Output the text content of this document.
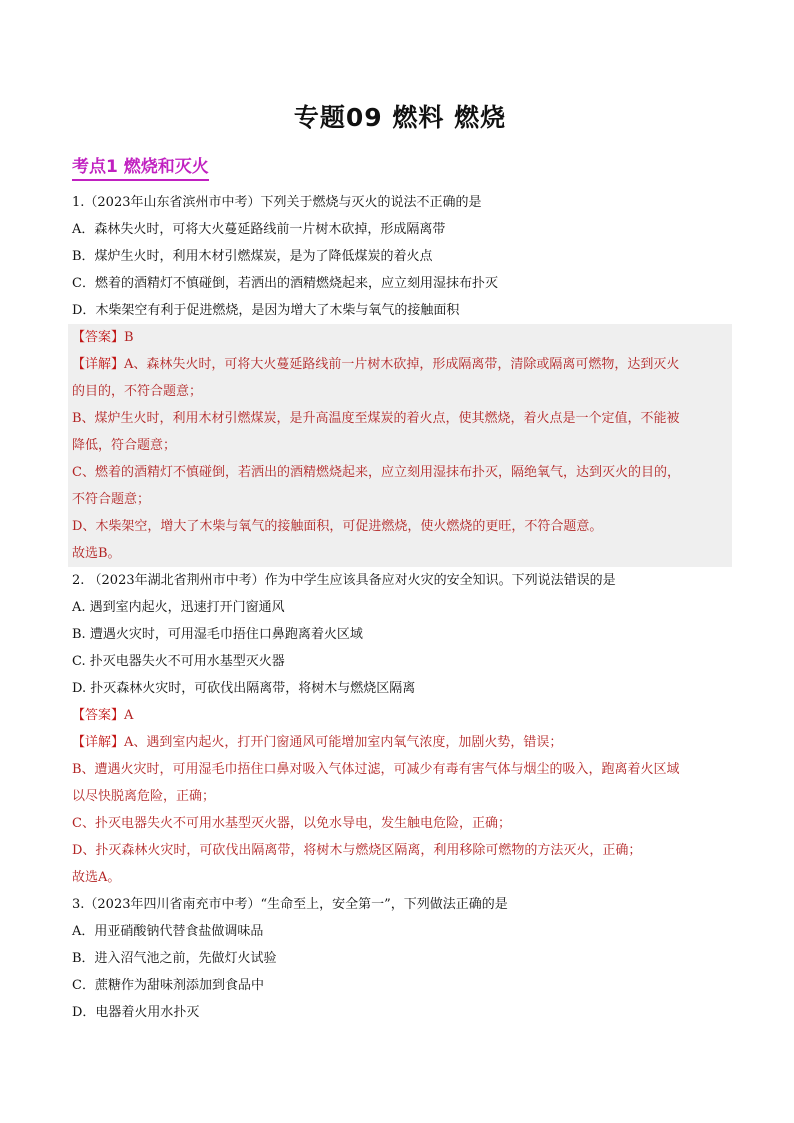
专题09 燃料 燃烧
考点1 燃烧和灭火
1.（2023年山东省滨州市中考）下列关于燃烧与灭火的说法不正确的是
A．森林失火时，可将大火蔓延路线前一片树木砍掉，形成隔离带
B．煤炉生火时，利用木材引燃煤炭，是为了降低煤炭的着火点
C．燃着的酒精灯不慎碰倒，若洒出的酒精燃烧起来，应立刻用湿抹布扑灭
D．木柴架空有利于促进燃烧，是因为增大了木柴与氧气的接触面积
【答案】B
【详解】A、森林失火时，可将大火蔓延路线前一片树木砍掉，形成隔离带，清除或隔离可燃物，达到灭火
的目的，不符合题意；
B、煤炉生火时，利用木材引燃煤炭，是升高温度至煤炭的着火点，使其燃烧，着火点是一个定值，不能被
降低，符合题意；
C、燃着的酒精灯不慎碰倒，若洒出的酒精燃烧起来，应立刻用湿抹布扑灭，隔绝氧气，达到灭火的目的，
不符合题意；
D、木柴架空，增大了木柴与氧气的接触面积，可促进燃烧，使火燃烧的更旺，不符合题意。
故选B。
2. （2023年湖北省荆州市中考）作为中学生应该具备应对火灾的安全知识。下列说法错误的是
A. 遇到室内起火，迅速打开门窗通风
B. 遭遇火灾时，可用湿毛巾捂住口鼻跑离着火区域
C. 扑灭电器失火不可用水基型灭火器
D. 扑灭森林火灾时，可砍伐出隔离带，将树木与燃烧区隔离
【答案】A
【详解】A、遇到室内起火，打开门窗通风可能增加室内氧气浓度，加剧火势，错误；
B、遭遇火灾时，可用湿毛巾捂住口鼻对吸入气体过滤，可减少有毒有害气体与烟尘的吸入，跑离着火区域
以尽快脱离危险，正确；
C、扑灭电器失火不可用水基型灭火器，以免水导电，发生触电危险，正确；
D、扑灭森林火灾时，可砍伐出隔离带，将树木与燃烧区隔离，利用移除可燃物的方法灭火，正确；
故选A。
3.（2023年四川省南充市中考）“生命至上，安全第一”，下列做法正确的是
A．用亚硝酸钠代替食盐做调味品
B．进入沼气池之前，先做灯火试验
C．蔗糖作为甜味剂添加到食品中
D．电器着火用水扑灭
